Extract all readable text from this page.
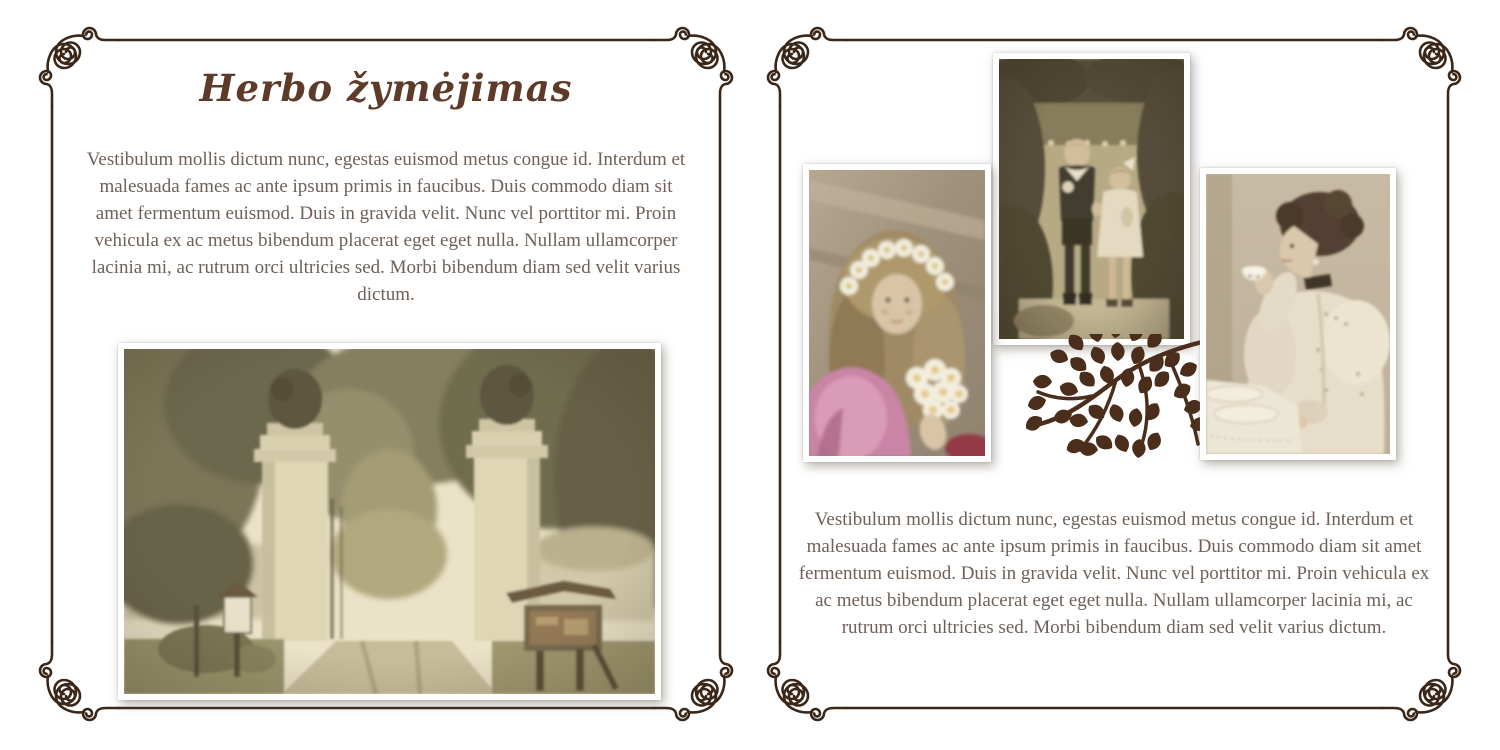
Herbo žymėjimas

Vestibulum mollis dictum nunc, egestas euismod metus congue id. Interdum et malesuada fames ac ante ipsum primis in faucibus. Duis commodo diam sit amet fermentum euismod. Duis in gravida velit. Nunc vel porttitor mi. Proin vehicula ex ac metus bibendum placerat eget eget nulla. Nullam ullamcorper lacinia mi, ac rutrum orci ultricies sed. Morbi bibendum diam sed velit varius dictum.

Vestibulum mollis dictum nunc, egestas euismod metus congue id. Interdum et malesuada fames ac ante ipsum primis in faucibus. Duis commodo diam sit amet fermentum euismod. Duis in gravida velit. Nunc vel porttitor mi. Proin vehicula ex ac metus bibendum placerat eget eget nulla. Nullam ullamcorper lacinia mi, ac rutrum orci ultricies sed. Morbi bibendum diam sed velit varius dictum.
